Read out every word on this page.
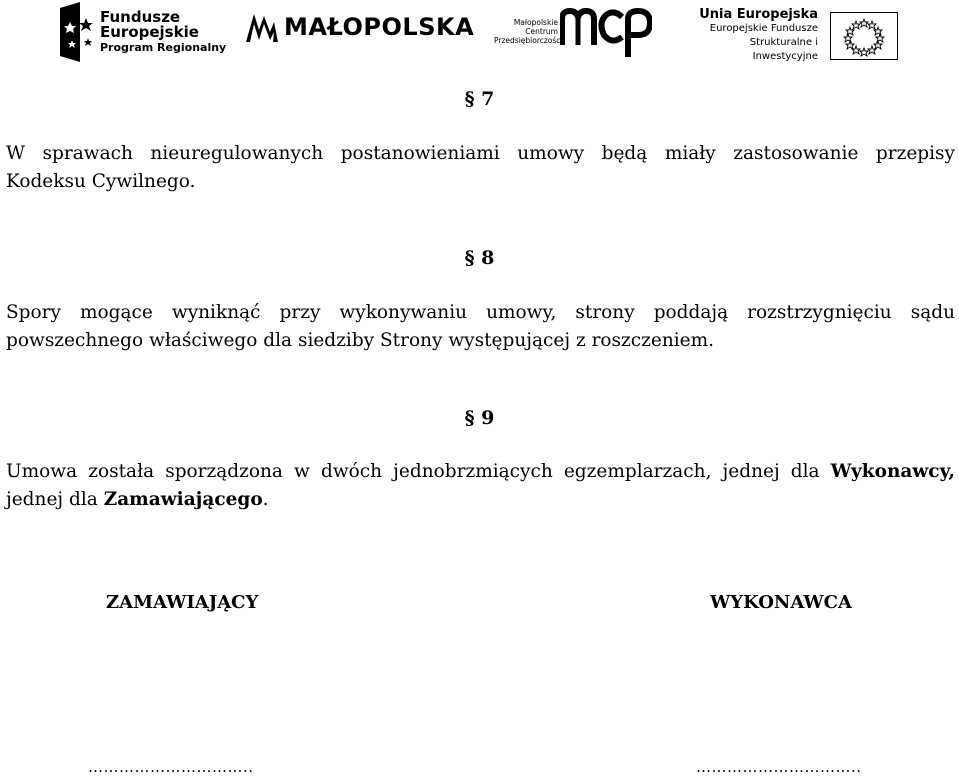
Fundusze
Europejskie
Program Regionalny
MAŁOPOLSKA	Małopolskie
Centrum
Przedsiębiorczości
Unia Europejska
Europejskie Fundusze
Strukturalne i Inwestycyjne
§ 7

W sprawach nieuregulowanych postanowieniami umowy będą miały zastosowanie przepisy
Kodeksu Cywilnego.

§ 8

Spory mogące wyniknąć przy wykonywaniu umowy, strony poddają rozstrzygnięciu sądu
powszechnego właściwego dla siedziby Strony występującej z roszczeniem.

§ 9

Umowa została sporządzona w dwóch jednobrzmiących egzemplarzach, jednej dla Wykonawcy,
jednej dla Zamawiającego.

ZAMAWIAJĄCY	WYKONAWCA
…………………………..	…………………………..
